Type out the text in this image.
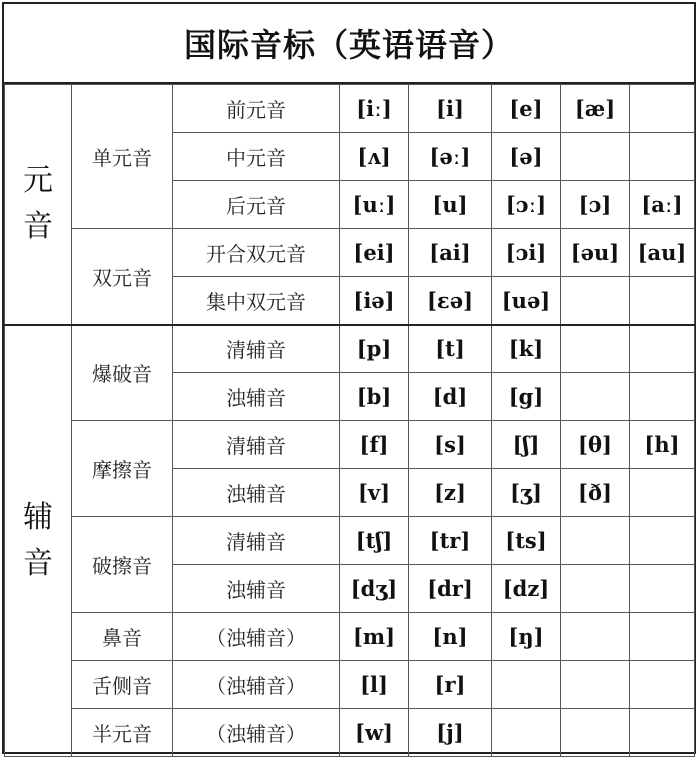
国际音标（英语语音）
元
音	单元音	前元音	[iː]	[i]	[e]	[æ]	
		中元音	[ʌ]	[əː]	[ə]		
		后元音	[uː]	[u]	[ɔː]	[ɔ]	[aː]
	双元音	开合双元音	[ei]	[ai]	[ɔi]	[əu]	[au]
		集中双元音	[iə]	[ɛə]	[uə]		

辅
音	爆破音	清辅音	[p]	[t]	[k]		
		浊辅音	[b]	[d]	[g]		
	摩擦音	清辅音	[f]	[s]	[ʃ]	[θ]	[h]
		浊辅音	[v]	[z]	[ʒ]	[ð]	
	破擦音	清辅音	[tʃ]	[tr]	[ts]		
		浊辅音	[dʒ]	[dr]	[dz]		
	鼻音	（浊辅音）	[m]	[n]	[ŋ]		
	舌侧音	（浊辅音）	[l]	[r]			
	半元音	（浊辅音）	[w]	[j]			
